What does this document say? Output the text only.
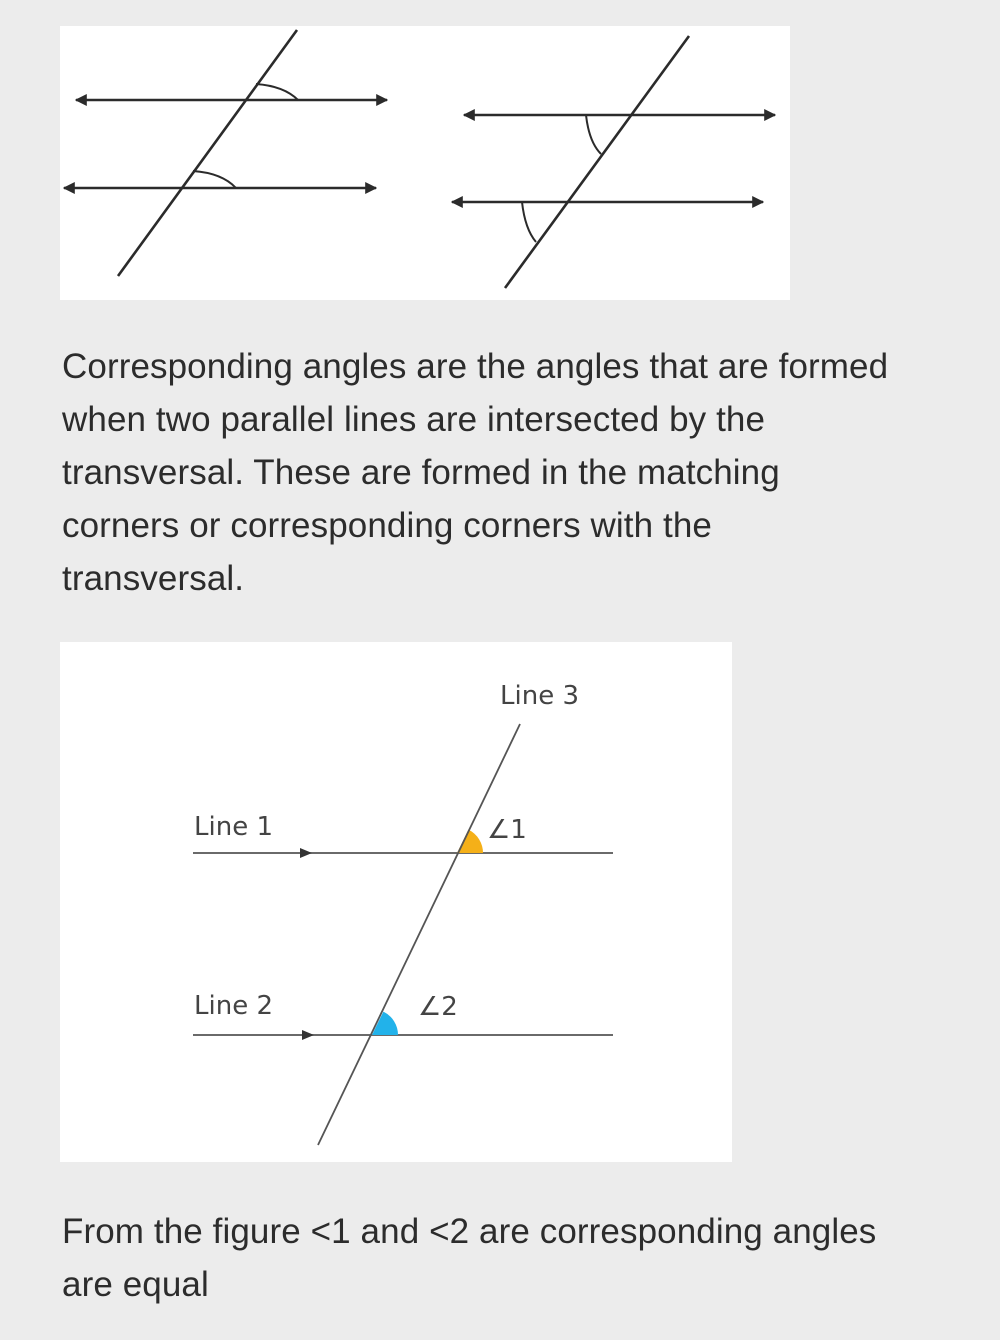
Corresponding angles are the angles that are formed
when two parallel lines are intersected by the
transversal. These are formed in the matching
corners or corresponding corners with the
transversal.

Line 3
Line 1
Line 2
∠1
∠2

From the figure <1 and <2 are corresponding angles
are equal
